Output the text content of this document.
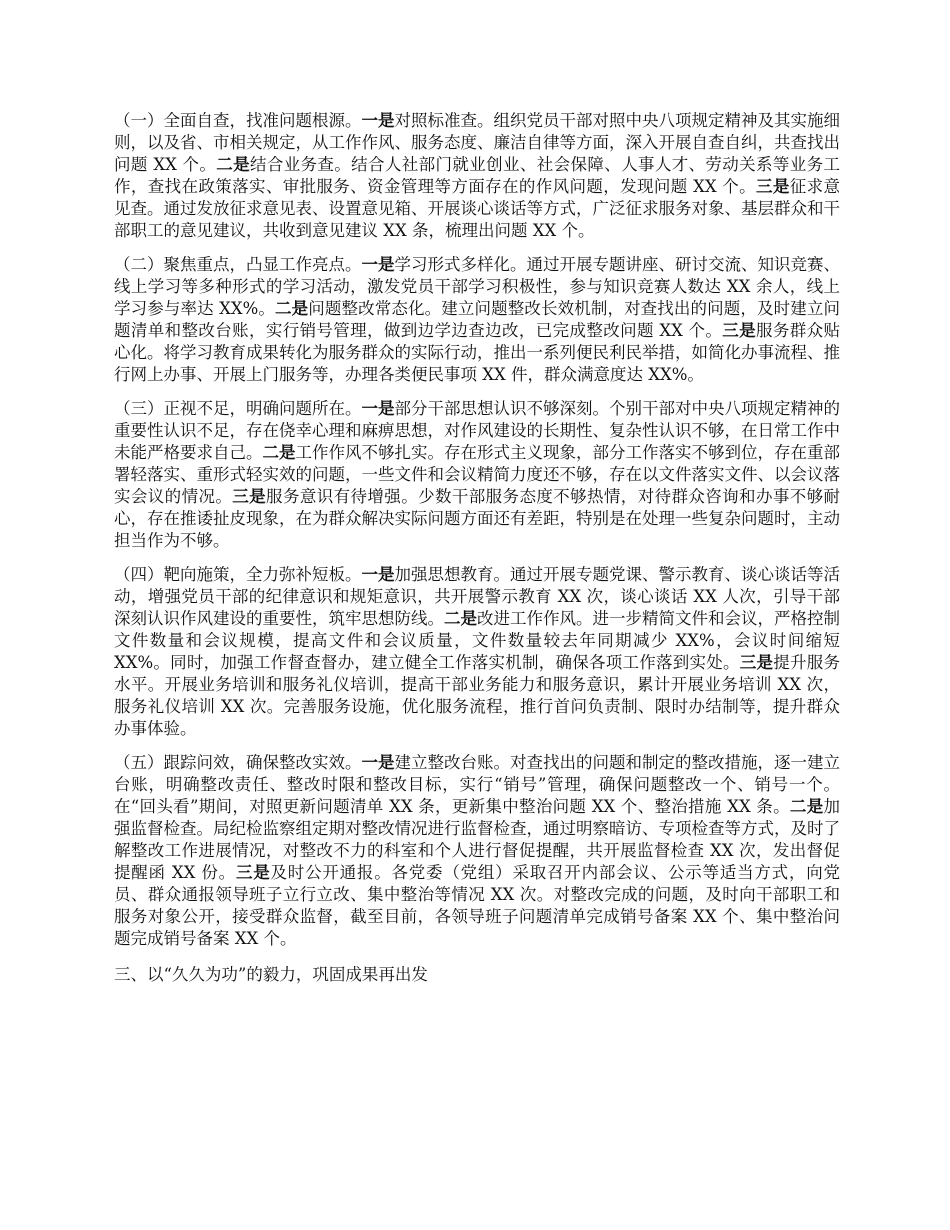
（一）全面自查，找准问题根源。一是对照标准查。组织党员干部对照中央八项规定精神及其实施细则，以及省、市相关规定，从工作作风、服务态度、廉洁自律等方面，深入开展自查自纠，共查找出问题 XX 个。二是结合业务查。结合人社部门就业创业、社会保障、人事人才、劳动关系等业务工作，查找在政策落实、审批服务、资金管理等方面存在的作风问题，发现问题 XX 个。三是征求意见查。通过发放征求意见表、设置意见箱、开展谈心谈话等方式，广泛征求服务对象、基层群众和干部职工的意见建议，共收到意见建议 XX 条，梳理出问题 XX 个。

（二）聚焦重点，凸显工作亮点。一是学习形式多样化。通过开展专题讲座、研讨交流、知识竞赛、线上学习等多种形式的学习活动，激发党员干部学习积极性，参与知识竞赛人数达 XX 余人，线上学习参与率达 XX%。二是问题整改常态化。建立问题整改长效机制，对查找出的问题，及时建立问题清单和整改台账，实行销号管理，做到边学边查边改，已完成整改问题 XX 个。三是服务群众贴心化。将学习教育成果转化为服务群众的实际行动，推出一系列便民利民举措，如简化办事流程、推行网上办事、开展上门服务等，办理各类便民事项 XX 件，群众满意度达 XX%。

（三）正视不足，明确问题所在。一是部分干部思想认识不够深刻。个别干部对中央八项规定精神的重要性认识不足，存在侥幸心理和麻痹思想，对作风建设的长期性、复杂性认识不够，在日常工作中未能严格要求自己。二是工作作风不够扎实。存在形式主义现象，部分工作落实不够到位，存在重部署轻落实、重形式轻实效的问题，一些文件和会议精简力度还不够，存在以文件落实文件、以会议落实会议的情况。三是服务意识有待增强。少数干部服务态度不够热情，对待群众咨询和办事不够耐心，存在推诿扯皮现象，在为群众解决实际问题方面还有差距，特别是在处理一些复杂问题时，主动担当作为不够。

（四）靶向施策，全力弥补短板。一是加强思想教育。通过开展专题党课、警示教育、谈心谈话等活动，增强党员干部的纪律意识和规矩意识，共开展警示教育 XX 次，谈心谈话 XX 人次，引导干部深刻认识作风建设的重要性，筑牢思想防线。二是改进工作作风。进一步精简文件和会议，严格控制文件数量和会议规模，提高文件和会议质量，文件数量较去年同期减少 XX%，会议时间缩短 XX%。同时，加强工作督查督办，建立健全工作落实机制，确保各项工作落到实处。三是提升服务水平。开展业务培训和服务礼仪培训，提高干部业务能力和服务意识，累计开展业务培训 XX 次，服务礼仪培训 XX 次。完善服务设施，优化服务流程，推行首问负责制、限时办结制等，提升群众办事体验。

（五）跟踪问效，确保整改实效。一是建立整改台账。对查找出的问题和制定的整改措施，逐一建立台账，明确整改责任、整改时限和整改目标，实行“销号”管理，确保问题整改一个、销号一个。在“回头看”期间，对照更新问题清单 XX 条，更新集中整治问题 XX 个、整治措施 XX 条。二是加强监督检查。局纪检监察组定期对整改情况进行监督检查，通过明察暗访、专项检查等方式，及时了解整改工作进展情况，对整改不力的科室和个人进行督促提醒，共开展监督检查 XX 次，发出督促提醒函 XX 份。三是及时公开通报。各党委（党组）采取召开内部会议、公示等适当方式，向党员、群众通报领导班子立行立改、集中整治等情况 XX 次。对整改完成的问题，及时向干部职工和服务对象公开，接受群众监督，截至目前，各领导班子问题清单完成销号备案 XX 个、集中整治问题完成销号备案 XX 个。

三、以“久久为功”的毅力，巩固成果再出发
